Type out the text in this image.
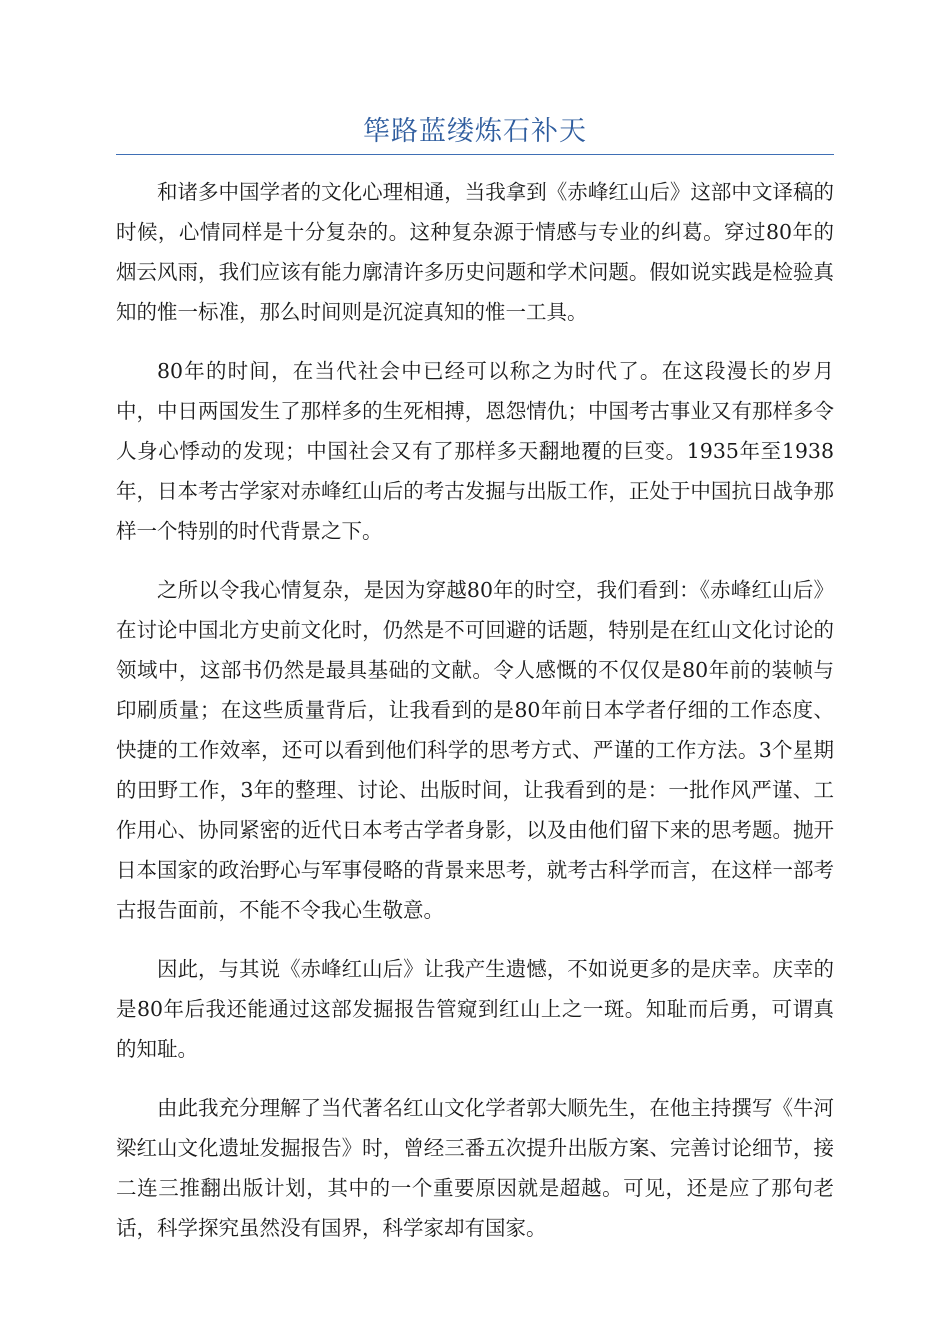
筚路蓝缕炼石补天

和诸多中国学者的文化心理相通，当我拿到《赤峰红山后》这部中文译稿的时候，心情同样是十分复杂的。这种复杂源于情感与专业的纠葛。穿过80年的烟云风雨，我们应该有能力廓清许多历史问题和学术问题。假如说实践是检验真知的惟一标准，那么时间则是沉淀真知的惟一工具。

80年的时间，在当代社会中已经可以称之为时代了。在这段漫长的岁月中，中日两国发生了那样多的生死相搏，恩怨情仇；中国考古事业又有那样多令人身心悸动的发现；中国社会又有了那样多天翻地覆的巨变。1935年至1938年，日本考古学家对赤峰红山后的考古发掘与出版工作，正处于中国抗日战争那样一个特别的时代背景之下。

之所以令我心情复杂，是因为穿越80年的时空，我们看到：《赤峰红山后》在讨论中国北方史前文化时，仍然是不可回避的话题，特别是在红山文化讨论的领域中，这部书仍然是最具基础的文献。令人感慨的不仅仅是80年前的装帧与印刷质量；在这些质量背后，让我看到的是80年前日本学者仔细的工作态度、快捷的工作效率，还可以看到他们科学的思考方式、严谨的工作方法。3个星期的田野工作，3年的整理、讨论、出版时间，让我看到的是：一批作风严谨、工作用心、协同紧密的近代日本考古学者身影，以及由他们留下来的思考题。抛开日本国家的政治野心与军事侵略的背景来思考，就考古科学而言，在这样一部考古报告面前，不能不令我心生敬意。

因此，与其说《赤峰红山后》让我产生遗憾，不如说更多的是庆幸。庆幸的是80年后我还能通过这部发掘报告管窥到红山上之一斑。知耻而后勇，可谓真的知耻。

由此我充分理解了当代著名红山文化学者郭大顺先生，在他主持撰写《牛河梁红山文化遗址发掘报告》时，曾经三番五次提升出版方案、完善讨论细节，接二连三推翻出版计划，其中的一个重要原因就是超越。可见，还是应了那句老话，科学探究虽然没有国界，科学家却有国家。
